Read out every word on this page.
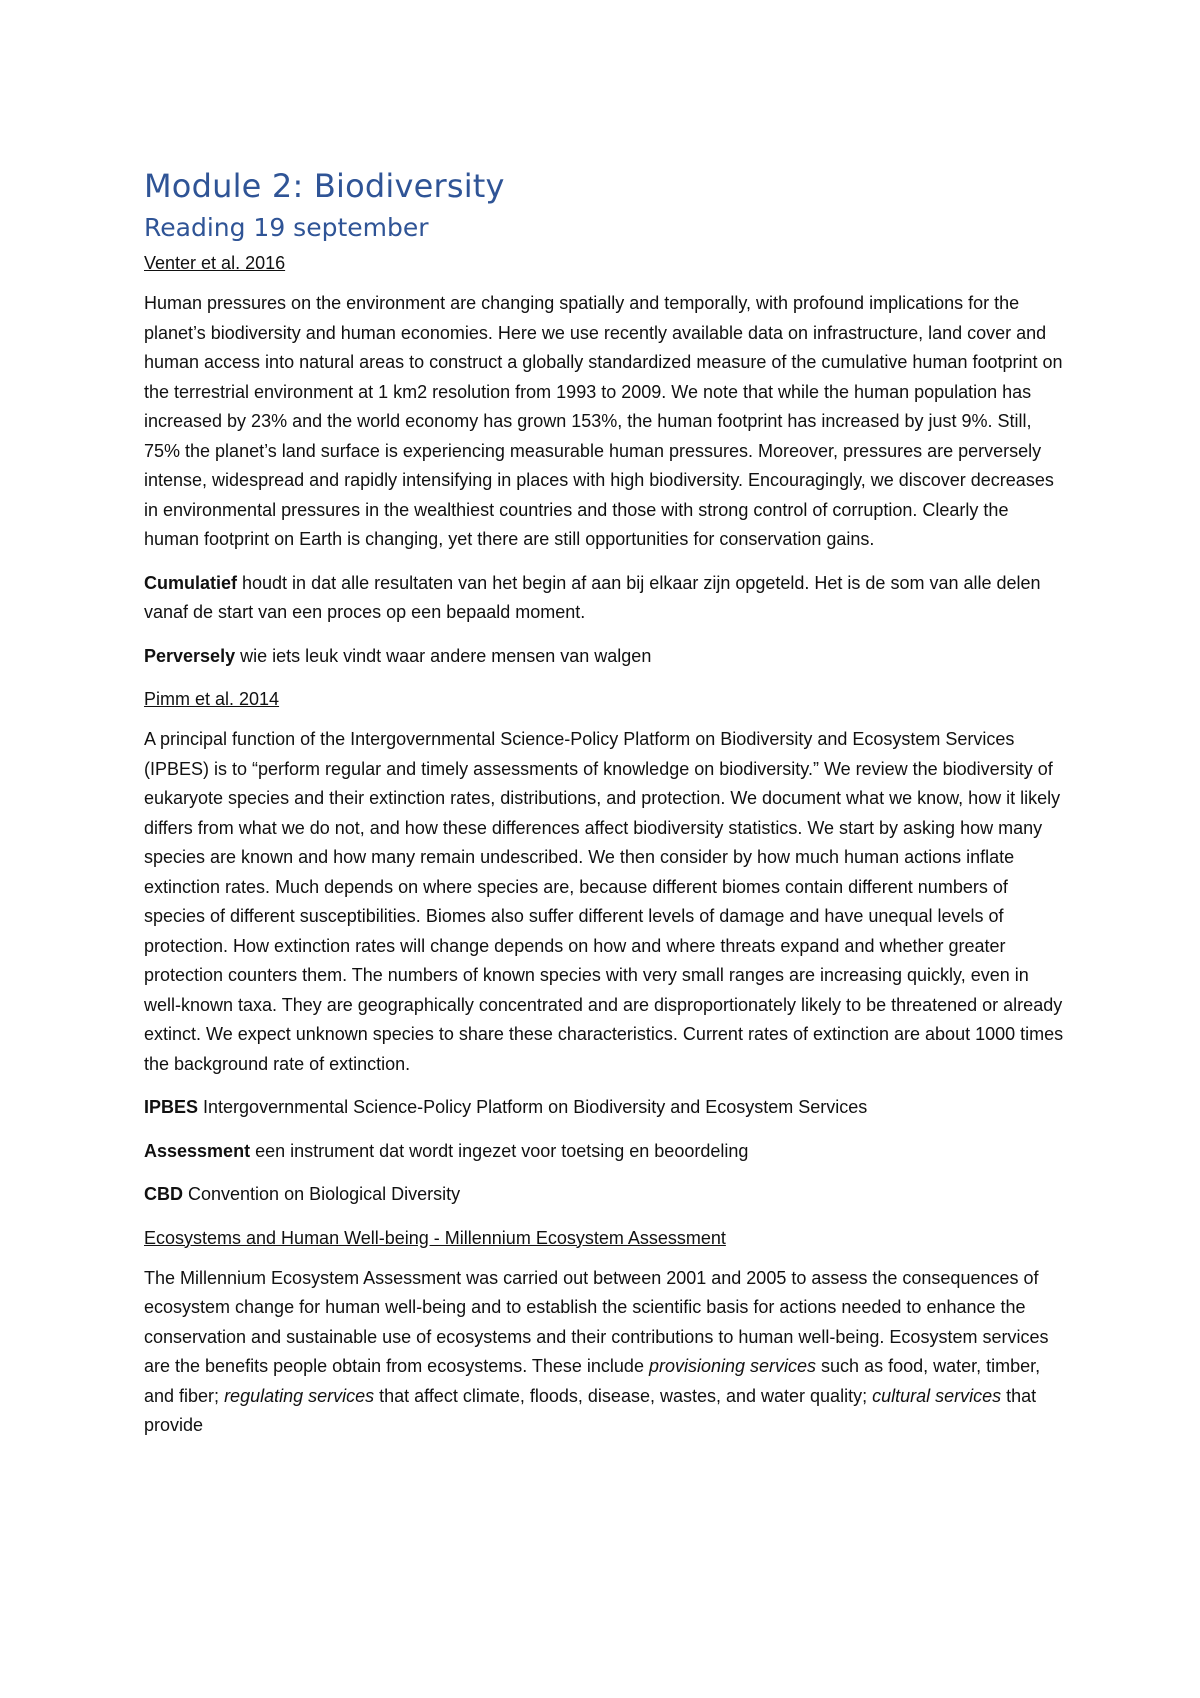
Module 2: Biodiversity
Reading 19 september
Venter et al. 2016

Human pressures on the environment are changing spatially and temporally, with profound implications for the planet’s biodiversity and human economies. Here we use recently available data on infrastructure, land cover and human access into natural areas to construct a globally standardized measure of the cumulative human footprint on the terrestrial environment at 1 km2 resolution from 1993 to 2009. We note that while the human population has increased by 23% and the world economy has grown 153%, the human footprint has increased by just 9%. Still, 75% the planet’s land surface is experiencing measurable human pressures. Moreover, pressures are perversely intense, widespread and rapidly intensifying in places with high biodiversity. Encouragingly, we discover decreases in environmental pressures in the wealthiest countries and those with strong control of corruption. Clearly the human footprint on Earth is changing, yet there are still opportunities for conservation gains.

Cumulatief houdt in dat alle resultaten van het begin af aan bij elkaar zijn opgeteld. Het is de som van alle delen vanaf de start van een proces op een bepaald moment.

Perversely wie iets leuk vindt waar andere mensen van walgen

Pimm et al. 2014

A principal function of the Intergovernmental Science-Policy Platform on Biodiversity and Ecosystem Services (IPBES) is to “perform regular and timely assessments of knowledge on biodiversity.” We review the biodiversity of eukaryote species and their extinction rates, distributions, and protection. We document what we know, how it likely differs from what we do not, and how these differences affect biodiversity statistics. We start by asking how many species are known and how many remain undescribed. We then consider by how much human actions inflate extinction rates. Much depends on where species are, because different biomes contain different numbers of species of different susceptibilities. Biomes also suffer different levels of damage and have unequal levels of protection. How extinction rates will change depends on how and where threats expand and whether greater protection counters them. The numbers of known species with very small ranges are increasing quickly, even in well-known taxa. They are geographically concentrated and are disproportionately likely to be threatened or already extinct. We expect unknown species to share these characteristics. Current rates of extinction are about 1000 times the background rate of extinction.

IPBES Intergovernmental Science-Policy Platform on Biodiversity and Ecosystem Services

Assessment een instrument dat wordt ingezet voor toetsing en beoordeling

CBD Convention on Biological Diversity

Ecosystems and Human Well-being - Millennium Ecosystem Assessment

The Millennium Ecosystem Assessment was carried out between 2001 and 2005 to assess the consequences of ecosystem change for human well-being and to establish the scientific basis for actions needed to enhance the conservation and sustainable use of ecosystems and their contributions to human well-being. Ecosystem services are the benefits people obtain from ecosystems. These include provisioning services such as food, water, timber, and fiber; regulating services that affect climate, floods, disease, wastes, and water quality; cultural services that provide
